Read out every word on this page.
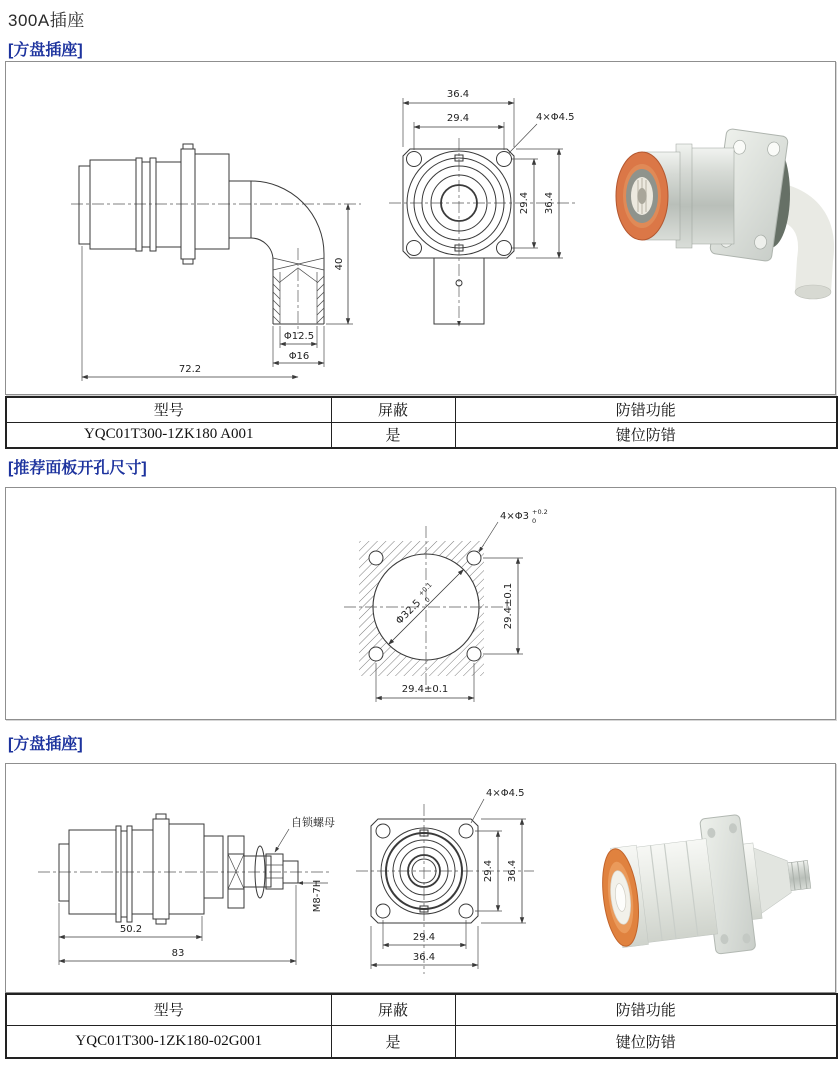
300A插座
[方盘插座]
40
Φ12.5
Φ16
72.2
36.4
29.4	4×Φ4.5
29.4 36.4
型号	屏蔽	防错功能
YQC01T300-1ZK180 A001	是	键位防错
[推荐面板开孔尺寸]
Φ32.5
+0.1
0
4×Φ3 +0.2
0
29.4±0.1
29.4±0.1
[方盘插座]
自锁螺母
M8-7H
50.2
83
4×Φ4.5
29.4 36.4
29.4
36.4
型号	屏蔽	防错功能
YQC01T300-1ZK180-02G001	是	键位防错
